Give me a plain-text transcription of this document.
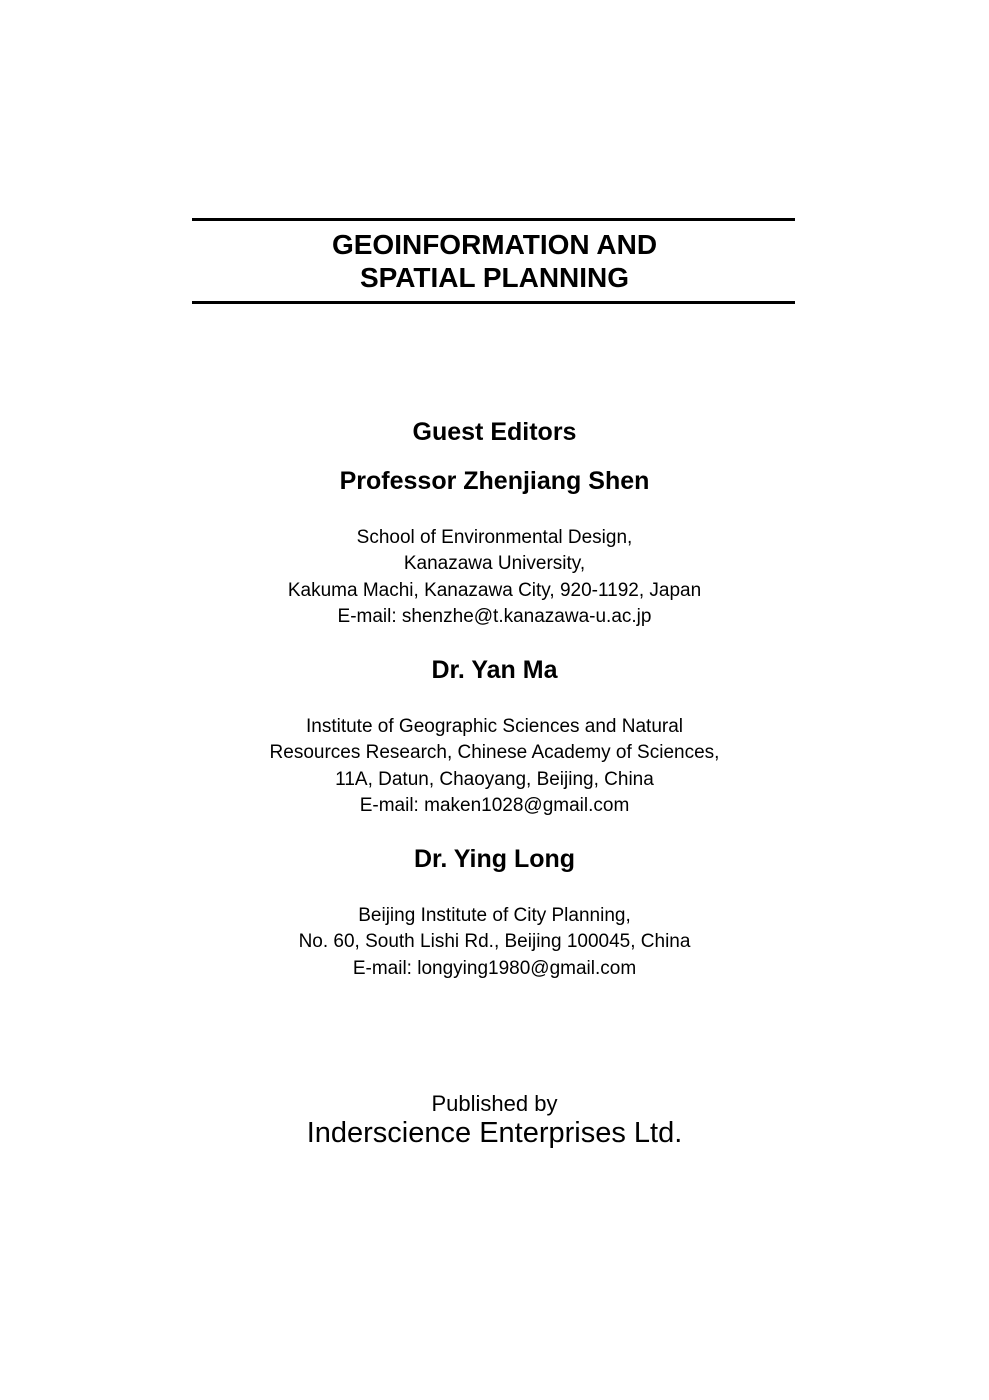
GEOINFORMATION AND
SPATIAL PLANNING
Guest Editors
Professor Zhenjiang Shen
School of Environmental Design,
Kanazawa University,
Kakuma Machi, Kanazawa City, 920-1192, Japan
E-mail: shenzhe@t.kanazawa-u.ac.jp
Dr. Yan Ma
Institute of Geographic Sciences and Natural
Resources Research, Chinese Academy of Sciences,
11A, Datun, Chaoyang, Beijing, China
E-mail: maken1028@gmail.com
Dr. Ying Long
Beijing Institute of City Planning,
No. 60, South Lishi Rd., Beijing 100045, China
E-mail: longying1980@gmail.com
Published by
Inderscience Enterprises Ltd.
